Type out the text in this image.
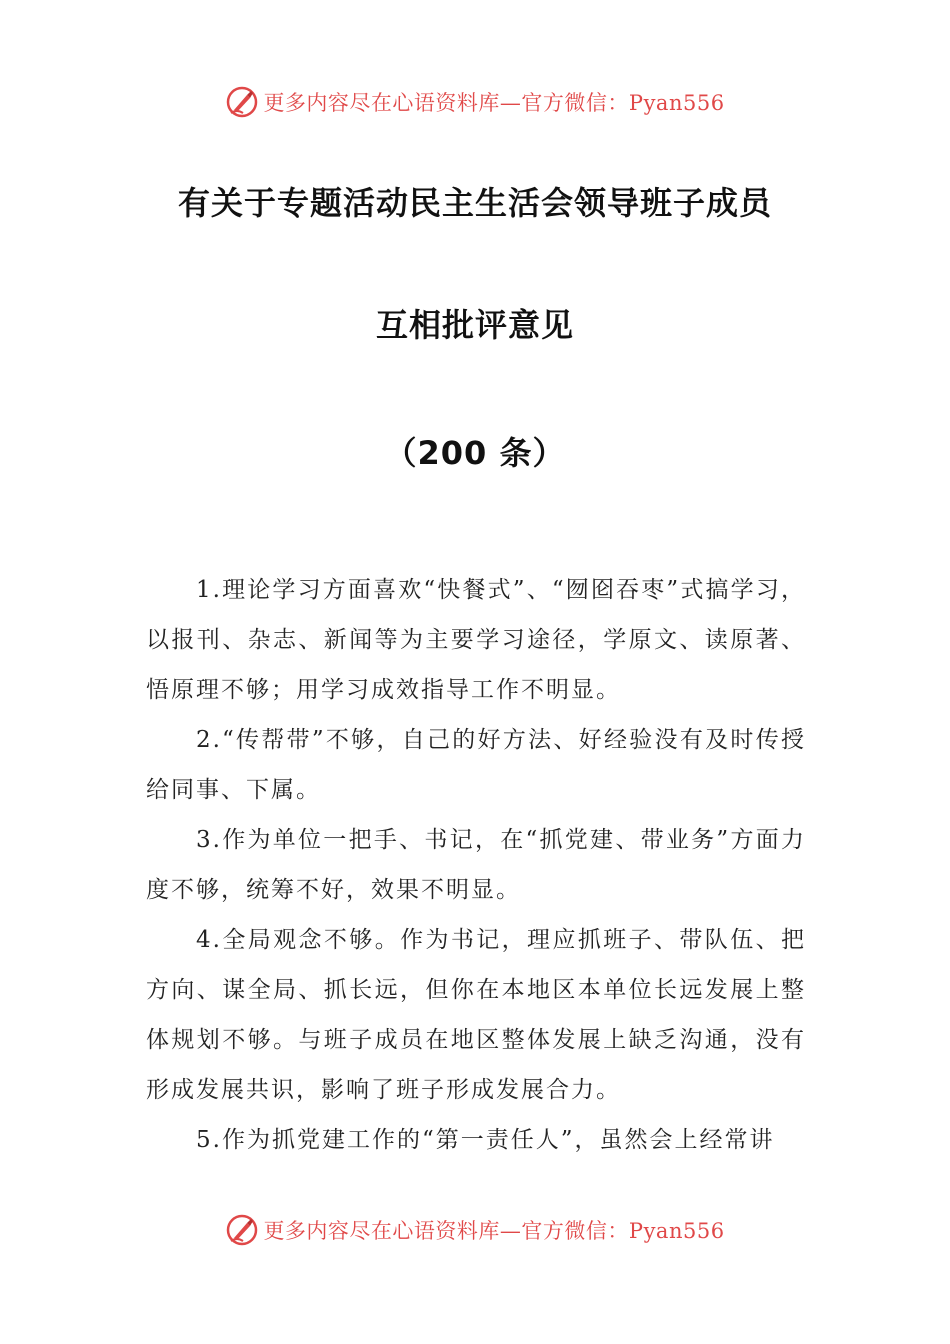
更多内容尽在心语资料库—官方微信：Pyan556
有关于专题活动民主生活会领导班子成员
互相批评意见
（200 条）

1.理论学习方面喜欢“快餐式”、“囫囵吞枣”式搞学习，以报刊、杂志、新闻等为主要学习途径，学原文、读原著、悟原理不够；用学习成效指导工作不明显。

2.“传帮带”不够，自己的好方法、好经验没有及时传授给同事、下属。

3.作为单位一把手、书记，在“抓党建、带业务”方面力度不够，统筹不好，效果不明显。

4.全局观念不够。作为书记，理应抓班子、带队伍、把方向、谋全局、抓长远，但你在本地区本单位长远发展上整体规划不够。与班子成员在地区整体发展上缺乏沟通，没有形成发展共识，影响了班子形成发展合力。

5.作为抓党建工作的“第一责任人”，虽然会上经常讲

更多内容尽在心语资料库—官方微信：Pyan556
